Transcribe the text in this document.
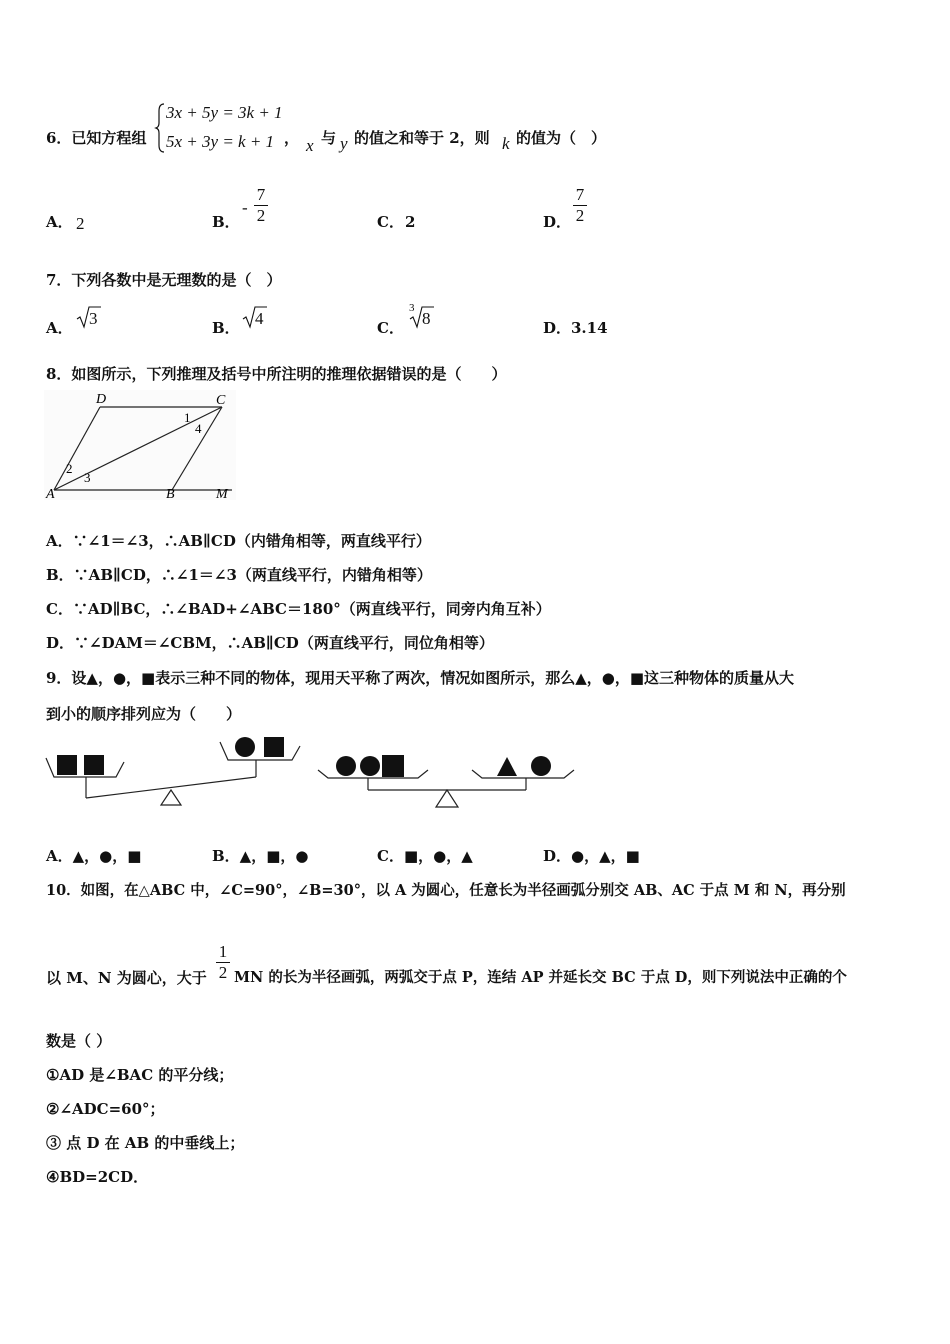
6．已知方程组
3x + 5y = 3k + 1
5x + 3y = k + 1 ， x 与 y 的值之和等于 2，则 k 的值为（　）
A． 2	B．
-
7
2	C． 2	D．
7
2
7．下列各数中是无理数的是（　）
A． 3	B． 4	C．
3
8	D． 3.14
8．如图所示，下列推理及括号中所注明的推理依据错误的是（　　）
D	C
A	B	M
1
4
2
3
A．∵∠1＝∠3，∴AB∥CD（内错角相等，两直线平行）
B．∵AB∥CD，∴∠1＝∠3（两直线平行，内错角相等）
C．∵AD∥BC，∴∠BAD+∠ABC＝180°（两直线平行，同旁内角互补）
D．∵∠DAM＝∠CBM，∴AB∥CD（两直线平行，同位角相等）
9．设▲，●，■表示三种不同的物体，现用天平称了两次，情况如图所示，那么▲，●，■这三种物体的质量从大
到小的顺序排列应为（　　）
A．▲，●，■	B．▲，■，●	C．■，●，▲	D．●，▲，■
10．如图，在△ABC 中，∠C=90°，∠B=30°，以 A 为圆心，任意长为半径画弧分别交 AB、AC 于点 M 和 N，再分别
以 M、N 为圆心，大于
1
2 MN 的长为半径画弧，两弧交于点 P，连结 AP 并延长交 BC 于点 D，则下列说法中正确的个
数是（ ）
①AD 是∠BAC 的平分线；
②∠ADC=60°；
③ 点 D 在 AB 的中垂线上；
④BD=2CD．
